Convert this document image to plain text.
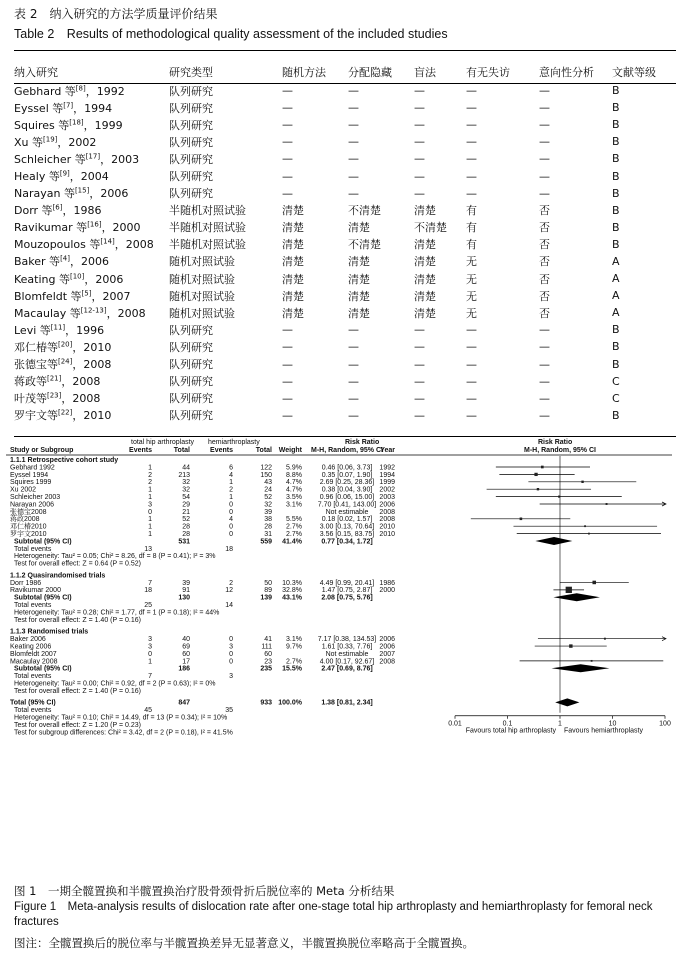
表 2　纳入研究的方法学质量评价结果
Table 2　Results of methodological quality assessment of the included studies
纳入研究	研究类型	随机方法	分配隐藏	盲法	有无失访	意向性分析	文献等级
Gebhard 等[8]，1992	队列研究	—	—	—	—	—	B
Eyssel 等[7]，1994	队列研究	—	—	—	—	—	B
Squires 等[18]，1999	队列研究	—	—	—	—	—	B
Xu 等[19]，2002	队列研究	—	—	—	—	—	B
Schleicher 等[17]，2003	队列研究	—	—	—	—	—	B
Healy 等[9]，2004	队列研究	—	—	—	—	—	B
Narayan 等[15]，2006	队列研究	—	—	—	—	—	B
Dorr 等[6]，1986	半随机对照试验	清楚	不清楚	清楚	有	否	B
Ravikumar 等[16]，2000	半随机对照试验	清楚	清楚	不清楚	有	否	B
Mouzopoulos 等[14]，2008	半随机对照试验	清楚	不清楚	清楚	有	否	B
Baker 等[4]，2006	随机对照试验	清楚	清楚	清楚	无	否	A
Keating 等[10]，2006	随机对照试验	清楚	清楚	清楚	无	否	A
Blomfeldt 等[5]，2007	随机对照试验	清楚	清楚	清楚	无	否	A
Macaulay 等[12-13]，2008	随机对照试验	清楚	清楚	清楚	无	否	A
Levi 等[11]，1996	队列研究	—	—	—	—	—	B
邓仁椿等[20]，2010	队列研究	—	—	—	—	—	B
张德宝等[24]，2008	队列研究	—	—	—	—	—	B
蒋政等[21]，2008	队列研究	—	—	—	—	—	C
叶茂等[23]，2008	队列研究	—	—	—	—	—	C
罗宇文等[22]，2010	队列研究	—	—	—	—	—	B
total hip arthroplasty hemiarthroplasty	Risk Ratio	Risk Ratio
Study or Subgroup	Events	Total	Events	Total Weight M-H, Random, 95% CI
Year	M-H, Random, 95% CI
1.1.1 Retrospective cohort study
Gebhard 1992	1	44	6	122 5.9%	0.46 [0.06, 3.73] 1992
Eyssel 1994	2	213	4	150 8.8%	0.35 [0.07, 1.90] 1994
Squires 1999	2	32	1	43 4.7%	2.69 [0.25, 28.36] 1999
Xu 2002	1	32	2	24 4.7%	0.38 [0.04, 3.90] 2002
Schleicher 2003	1	54	1	52 3.5%	0.96 [0.06, 15.00] 2003
Narayan 2006	3	29	0	32 3.1% 7.70 [0.41, 143.00] 2006
张德宝2008	0	21	0	39	Not estimable 2008
蒋政2008	1	52	4	38 5.5%	0.18 [0.02, 1.57] 2008
邓仁椿2010	1	28	0	28 2.7%	3.00 [0.13, 70.64] 2010
罗宇文2010	1	28	0	31 2.7%	3.56 [0.15, 83.75] 2010
Subtotal (95% CI)	531	559 41.4%	0.77 [0.34, 1.72]
Total events	13	18
Heterogeneity: Tau² = 0.05; Chi² = 8.26, df = 8 (P = 0.41); I² = 3%
Test for overall effect: Z = 0.64 (P = 0.52)
1.1.2 Quasirandomised trials
Dorr 1986	7	39	2	50 10.3%	4.49 [0.99, 20.41] 1986
Ravikumar 2000	18	91	12	89 32.8%	1.47 [0.75, 2.87] 2000
Subtotal (95% CI)	130	139 43.1%	2.08 [0.75, 5.76]
Total events	25	14
Heterogeneity: Tau² = 0.28; Chi² = 1.77, df = 1 (P = 0.18); I² = 44%
Test for overall effect: Z = 1.40 (P = 0.16)
1.1.3 Randomised trials
Baker 2006	3	40	0	41 3.1% 7.17 [0.38, 134.53] 2006
Keating 2006	3	69	3	111 9.7%	1.61 [0.33, 7.76] 2006
Blomfeldt 2007	0	60	0	60	Not estimable 2007
Macaulay 2008	1	17	0	23 2.7%	4.00 [0.17, 92.67] 2008
Subtotal (95% CI)	186	235 15.5%	2.47 [0.69, 8.76]
Total events	7	3
Heterogeneity: Tau² = 0.00; Chi² = 0.92, df = 2 (P = 0.63); I² = 0%
Test for overall effect: Z = 1.40 (P = 0.16)
Total (95% CI)	847	933 100.0%	1.38 [0.81, 2.34]
Total events	45	35
Heterogeneity: Tau² = 0.10; Chi² = 14.49, df = 13 (P = 0.34); I² = 10%
Test for overall effect: Z = 1.20 (P = 0.23)
Test for subgroup differences: Chi² = 3.42, df = 2 (P = 0.18), I² = 41.5%
0.01	0.1	1	10	100
Favours total hip arthroplasty Favours hemiarthroplasty
图 1　一期全髋置换和半髋置换治疗股骨颈骨折后脱位率的 Meta 分析结果
Figure 1　Meta-analysis results of dislocation rate after one-stage total hip arthroplasty and hemiarthroplasty for femoral neck fractures
图注：全髋置换后的脱位率与半髋置换差异无显著意义，半髋置换脱位率略高于全髋置换。
